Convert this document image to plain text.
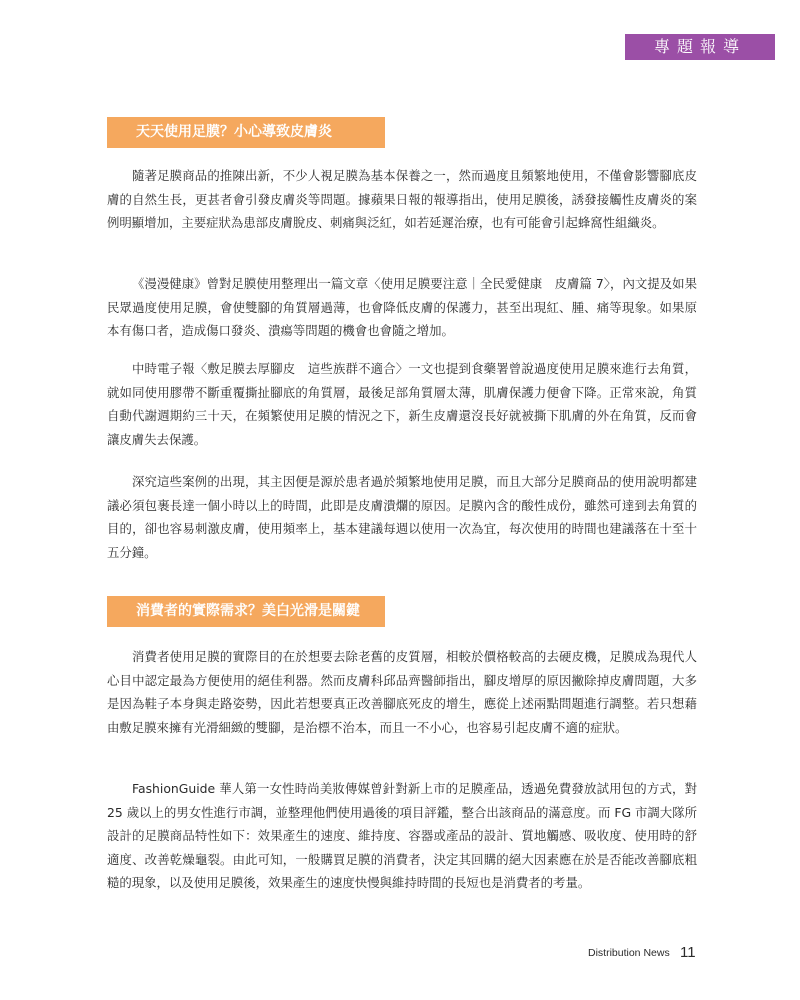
專題報導
天天使用足膜？小心導致皮膚炎

隨著足膜商品的推陳出新，不少人視足膜為基本保養之一，然而過度且頻繁地使用，不僅會影響腳底皮膚的自然生長，更甚者會引發皮膚炎等問題。據蘋果日報的報導指出，使用足膜後，誘發接觸性皮膚炎的案例明顯增加，主要症狀為患部皮膚脫皮、刺痛與泛紅，如若延遲治療，也有可能會引起蜂窩性組織炎。

《漫漫健康》曾對足膜使用整理出一篇文章〈使用足膜要注意｜全民愛健康　皮膚篇 7〉，內文提及如果民眾過度使用足膜，會使雙腳的角質層過薄，也會降低皮膚的保護力，甚至出現紅、腫、痛等現象。如果原本有傷口者，造成傷口發炎、潰瘍等問題的機會也會隨之增加。

中時電子報〈敷足膜去厚腳皮　這些族群不適合〉一文也提到食藥署曾說過度使用足膜來進行去角質，就如同使用膠帶不斷重覆撕扯腳底的角質層，最後足部角質層太薄，肌膚保護力便會下降。正常來說，角質自動代謝週期約三十天，在頻繁使用足膜的情況之下，新生皮膚還沒長好就被撕下肌膚的外在角質，反而會讓皮膚失去保護。

深究這些案例的出現，其主因便是源於患者過於頻繁地使用足膜，而且大部分足膜商品的使用說明都建議必須包裹長達一個小時以上的時間，此即是皮膚潰爛的原因。足膜內含的酸性成份，雖然可達到去角質的目的，卻也容易刺激皮膚，使用頻率上，基本建議每週以使用一次為宜，每次使用的時間也建議落在十至十五分鐘。

消費者的實際需求？美白光滑是關鍵

消費者使用足膜的實際目的在於想要去除老舊的皮質層，相較於價格較高的去硬皮機，足膜成為現代人心目中認定最為方便使用的絕佳利器。然而皮膚科邱品齊醫師指出，腳皮增厚的原因撇除掉皮膚問題，大多是因為鞋子本身與走路姿勢，因此若想要真正改善腳底死皮的增生，應從上述兩點問題進行調整。若只想藉由敷足膜來擁有光滑細緻的雙腳，是治標不治本，而且一不小心，也容易引起皮膚不適的症狀。

FashionGuide 華人第一女性時尚美妝傳媒曾針對新上市的足膜產品，透過免費發放試用包的方式，對 25 歲以上的男女性進行市調，並整理他們使用過後的項目評鑑，整合出該商品的滿意度。而 FG 市調大隊所設計的足膜商品特性如下：效果產生的速度、維持度、容器或產品的設計、質地觸感、吸收度、使用時的舒適度、改善乾燥龜裂。由此可知，一般購買足膜的消費者，決定其回購的絕大因素應在於是否能改善腳底粗糙的現象，以及使用足膜後，效果產生的速度快慢與維持時間的長短也是消費者的考量。

Distribution News 11
